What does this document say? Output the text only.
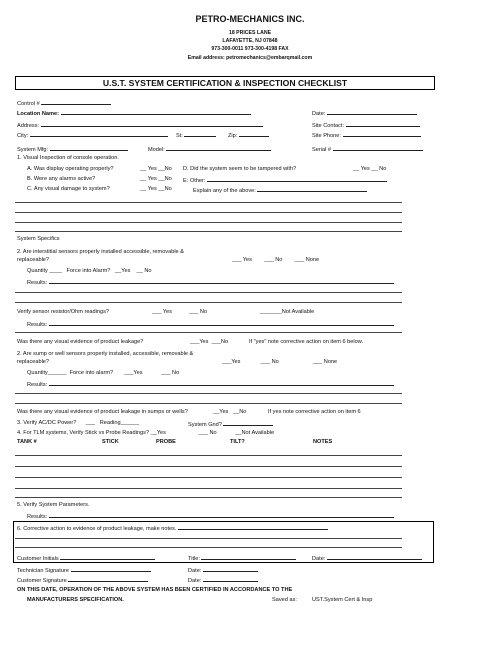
PETRO-MECHANICS INC.
18 PRICES LANE
LAFAYETTE, NJ 07848
973-300-0011 973-300-4198 FAX
Email address: petromechanics@embarqmail.com
U.S.T. SYSTEM CERTIFICATION & INSPECTION CHECKLIST
Control #
Location Name:	Date:
Address:	Site Contact:
City:	St:	Zip:	Site Phone:
System Mfg:	Model:	Serial #
1. Visual Inspection of console operation.
A. Was display operating properly?	__ Yes __No D. Did the system seem to be tampered with?	__ Yes __ No
B. Were any alarms active?	__ Yes __No E: Other:
C. Any visual damage to system?	__ Yes __No	Explain any of the above:
System Specifics
2. Are interstitial sensors properly installed accessible, removable &
replaceable?	___ Yes        ___ No        ___ None
Quantity ____   Force into Alarm?   __Yes    __ No
Results:
Verify sensor resistor/Ohm readings?	___ Yes           ___ No                                  _______Not Available
Results:
Was there any visual evidence of product leakage?	___Yes  ___No	If "yes" note corrective action on item 6 below.
2. Are sump or well sensors properly installed, accessible, removable &
replaceable?	___Yes             ___ No                      ___ None
Quantity______  Force into alarm?       ___Yes            ___ No
Results:
Was there any visual evidence of product leakage in sumps or wells?	__Yes   __No	If yes note corrective action on item 6
3. Verify AC/DC Power?      ___   Reading______	System Gnd?
4. For TLM systems, Verify Stick vs Probe Readings? __Yes                     ___ No            __Not Available
TANK #	STICK	PROBE	TILT?	NOTES
5. Verify System Parameters.
Results:
6. Corrective action to evidence of product leakage, make notes.
Customer Initials	Title:	Date:
Technician Signature	Date:
Customer Signature	Date:
ON THIS DATE, OPERATION OF THE ABOVE SYSTEM HAS BEEN CERTIFIED IN ACCORDANCE TO THE
MANUFACTURERS SPECIFICATION.	Saved as:	UST.System Cert & Insp
